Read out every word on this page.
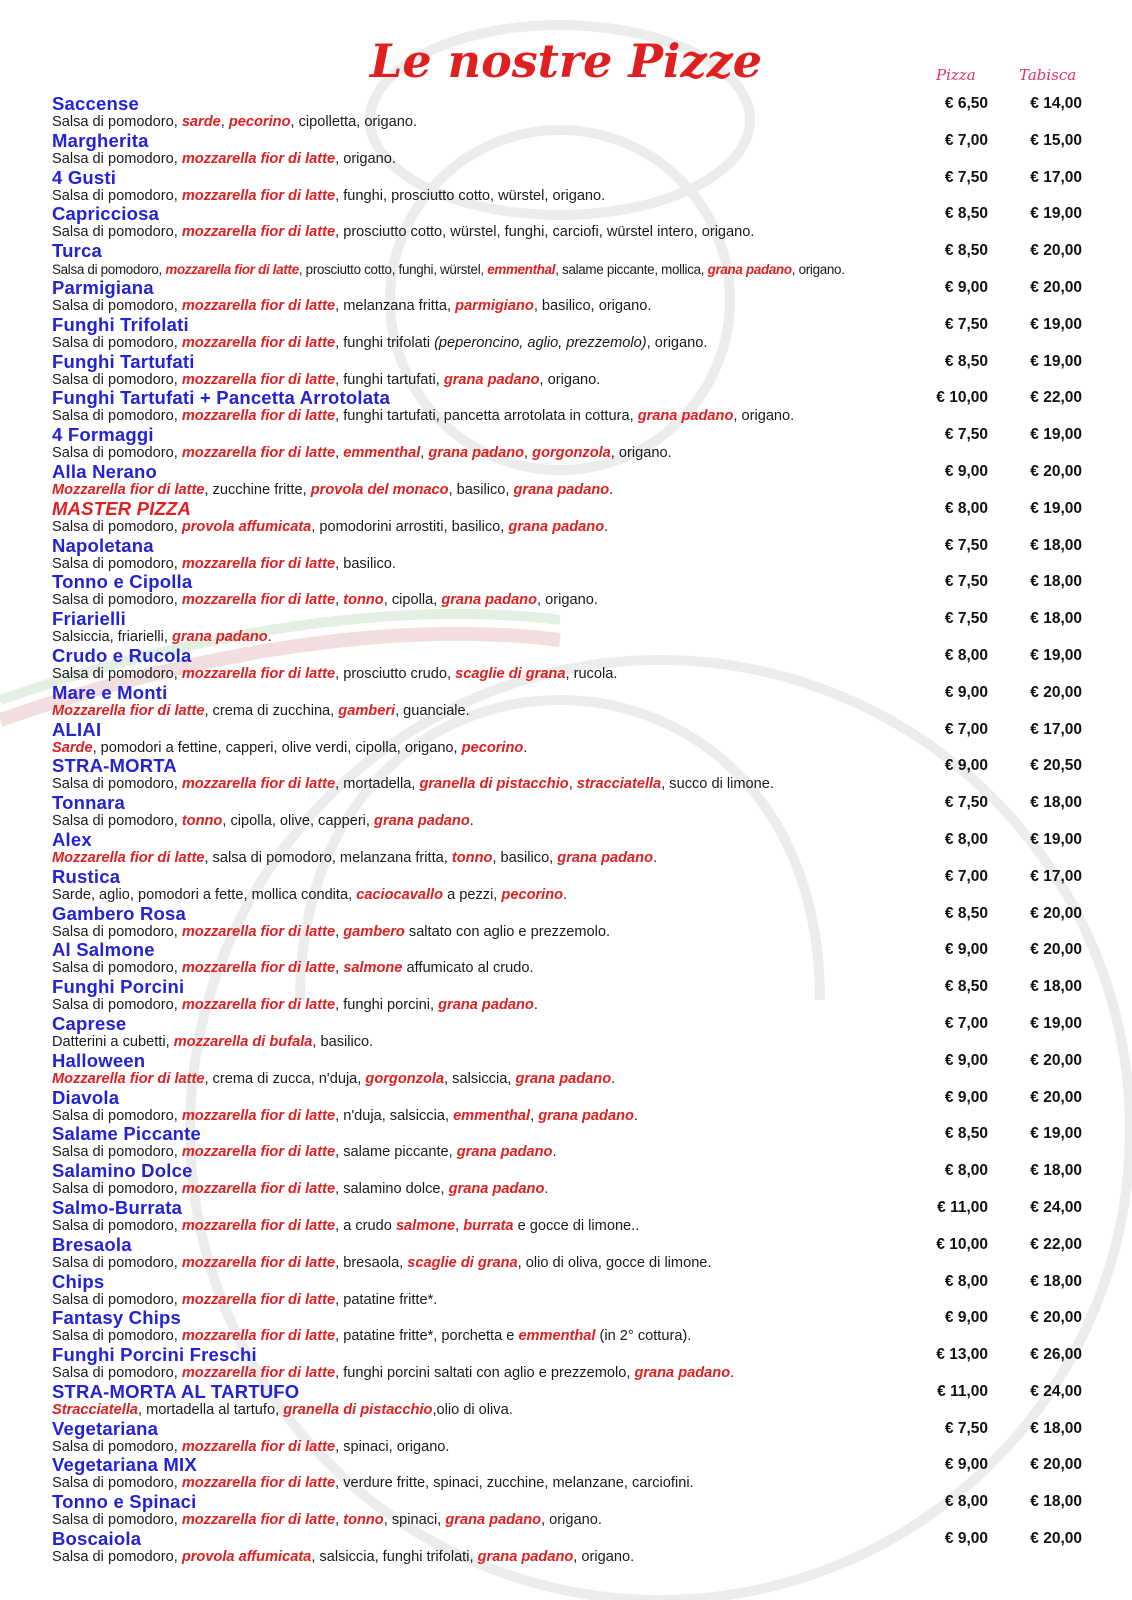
Le nostre Pizze	Pizza	Tabisca
Saccense
Salsa di pomodoro, sarde, pecorino, cipolletta, origano.
€ 6,50	€ 14,00
Margherita
Salsa di pomodoro, mozzarella fior di latte, origano.
€ 7,00	€ 15,00
4 Gusti
Salsa di pomodoro, mozzarella fior di latte, funghi, prosciutto cotto, würstel, origano.
€ 7,50	€ 17,00
Capricciosa
Salsa di pomodoro, mozzarella fior di latte, prosciutto cotto, würstel, funghi, carciofi, würstel intero, origano.
€ 8,50	€ 19,00
Turca
Salsa di pomodoro, mozzarella fior di latte, prosciutto cotto, funghi, würstel, emmenthal, salame piccante, mollica, grana padano, origano.
€ 8,50	€ 20,00
Parmigiana
Salsa di pomodoro, mozzarella fior di latte, melanzana fritta, parmigiano, basilico, origano.
€ 9,00	€ 20,00
Funghi Trifolati
Salsa di pomodoro, mozzarella fior di latte, funghi trifolati (peperoncino, aglio, prezzemolo), origano.
€ 7,50	€ 19,00
Funghi Tartufati
Salsa di pomodoro, mozzarella fior di latte, funghi tartufati, grana padano, origano.
€ 8,50	€ 19,00
Funghi Tartufati + Pancetta Arrotolata
Salsa di pomodoro, mozzarella fior di latte, funghi tartufati, pancetta arrotolata in cottura, grana padano, origano.
€ 10,00	€ 22,00
4 Formaggi
Salsa di pomodoro, mozzarella fior di latte, emmenthal, grana padano, gorgonzola, origano.
€ 7,50	€ 19,00
Alla Nerano
Mozzarella fior di latte, zucchine fritte, provola del monaco, basilico, grana padano.
€ 9,00	€ 20,00
MASTER PIZZA
Salsa di pomodoro, provola affumicata, pomodorini arrostiti, basilico, grana padano.
€ 8,00	€ 19,00
Napoletana
Salsa di pomodoro, mozzarella fior di latte, basilico.
€ 7,50	€ 18,00
Tonno e Cipolla
Salsa di pomodoro, mozzarella fior di latte, tonno, cipolla, grana padano, origano.
€ 7,50	€ 18,00
Friarielli
Salsiccia, friarielli, grana padano.
€ 7,50	€ 18,00
Crudo e Rucola
Salsa di pomodoro, mozzarella fior di latte, prosciutto crudo, scaglie di grana, rucola.
€ 8,00	€ 19,00
Mare e Monti
Mozzarella fior di latte, crema di zucchina, gamberi, guanciale.
€ 9,00	€ 20,00
ALIAI
Sarde, pomodori a fettine, capperi, olive verdi, cipolla, origano, pecorino.
€ 7,00	€ 17,00
STRA-MORTA
Salsa di pomodoro, mozzarella fior di latte, mortadella, granella di pistacchio, stracciatella, succo di limone.
€ 9,00	€ 20,50
Tonnara
Salsa di pomodoro, tonno, cipolla, olive, capperi, grana padano.
€ 7,50	€ 18,00
Alex
Mozzarella fior di latte, salsa di pomodoro, melanzana fritta, tonno, basilico, grana padano.
€ 8,00	€ 19,00
Rustica
Sarde, aglio, pomodori a fette, mollica condita, caciocavallo a pezzi, pecorino.
€ 7,00	€ 17,00
Gambero Rosa
Salsa di pomodoro, mozzarella fior di latte, gambero saltato con aglio e prezzemolo.
€ 8,50	€ 20,00
Al Salmone
Salsa di pomodoro, mozzarella fior di latte, salmone affumicato al crudo.
€ 9,00	€ 20,00
Funghi Porcini
Salsa di pomodoro, mozzarella fior di latte, funghi porcini, grana padano.
€ 8,50	€ 18,00
Caprese
Datterini a cubetti, mozzarella di bufala, basilico.
€ 7,00	€ 19,00
Halloween
Mozzarella fior di latte, crema di zucca, n'duja, gorgonzola, salsiccia, grana padano.
€ 9,00	€ 20,00
Diavola
Salsa di pomodoro, mozzarella fior di latte, n'duja, salsiccia, emmenthal, grana padano.
€ 9,00	€ 20,00
Salame Piccante
Salsa di pomodoro, mozzarella fior di latte, salame piccante, grana padano.
€ 8,50	€ 19,00
Salamino Dolce
Salsa di pomodoro, mozzarella fior di latte, salamino dolce, grana padano.
€ 8,00	€ 18,00
Salmo-Burrata
Salsa di pomodoro, mozzarella fior di latte, a crudo salmone, burrata e gocce di limone..
€ 11,00	€ 24,00
Bresaola
Salsa di pomodoro, mozzarella fior di latte, bresaola, scaglie di grana, olio di oliva, gocce di limone.
€ 10,00	€ 22,00
Chips
Salsa di pomodoro, mozzarella fior di latte, patatine fritte*.
€ 8,00	€ 18,00
Fantasy Chips
Salsa di pomodoro, mozzarella fior di latte, patatine fritte*, porchetta e emmenthal (in 2° cottura).
€ 9,00	€ 20,00
Funghi Porcini Freschi
Salsa di pomodoro, mozzarella fior di latte, funghi porcini saltati con aglio e prezzemolo, grana padano.
€ 13,00	€ 26,00
STRA-MORTA AL TARTUFO
Stracciatella, mortadella al tartufo, granella di pistacchio,olio di oliva.
€ 11,00	€ 24,00
Vegetariana
Salsa di pomodoro, mozzarella fior di latte, spinaci, origano.
€ 7,50	€ 18,00
Vegetariana MIX
Salsa di pomodoro, mozzarella fior di latte, verdure fritte, spinaci, zucchine, melanzane, carciofini.
€ 9,00	€ 20,00
Tonno e Spinaci
Salsa di pomodoro, mozzarella fior di latte, tonno, spinaci, grana padano, origano.
€ 8,00	€ 18,00
Boscaiola
Salsa di pomodoro, provola affumicata, salsiccia, funghi trifolati, grana padano, origano.
€ 9,00	€ 20,00
